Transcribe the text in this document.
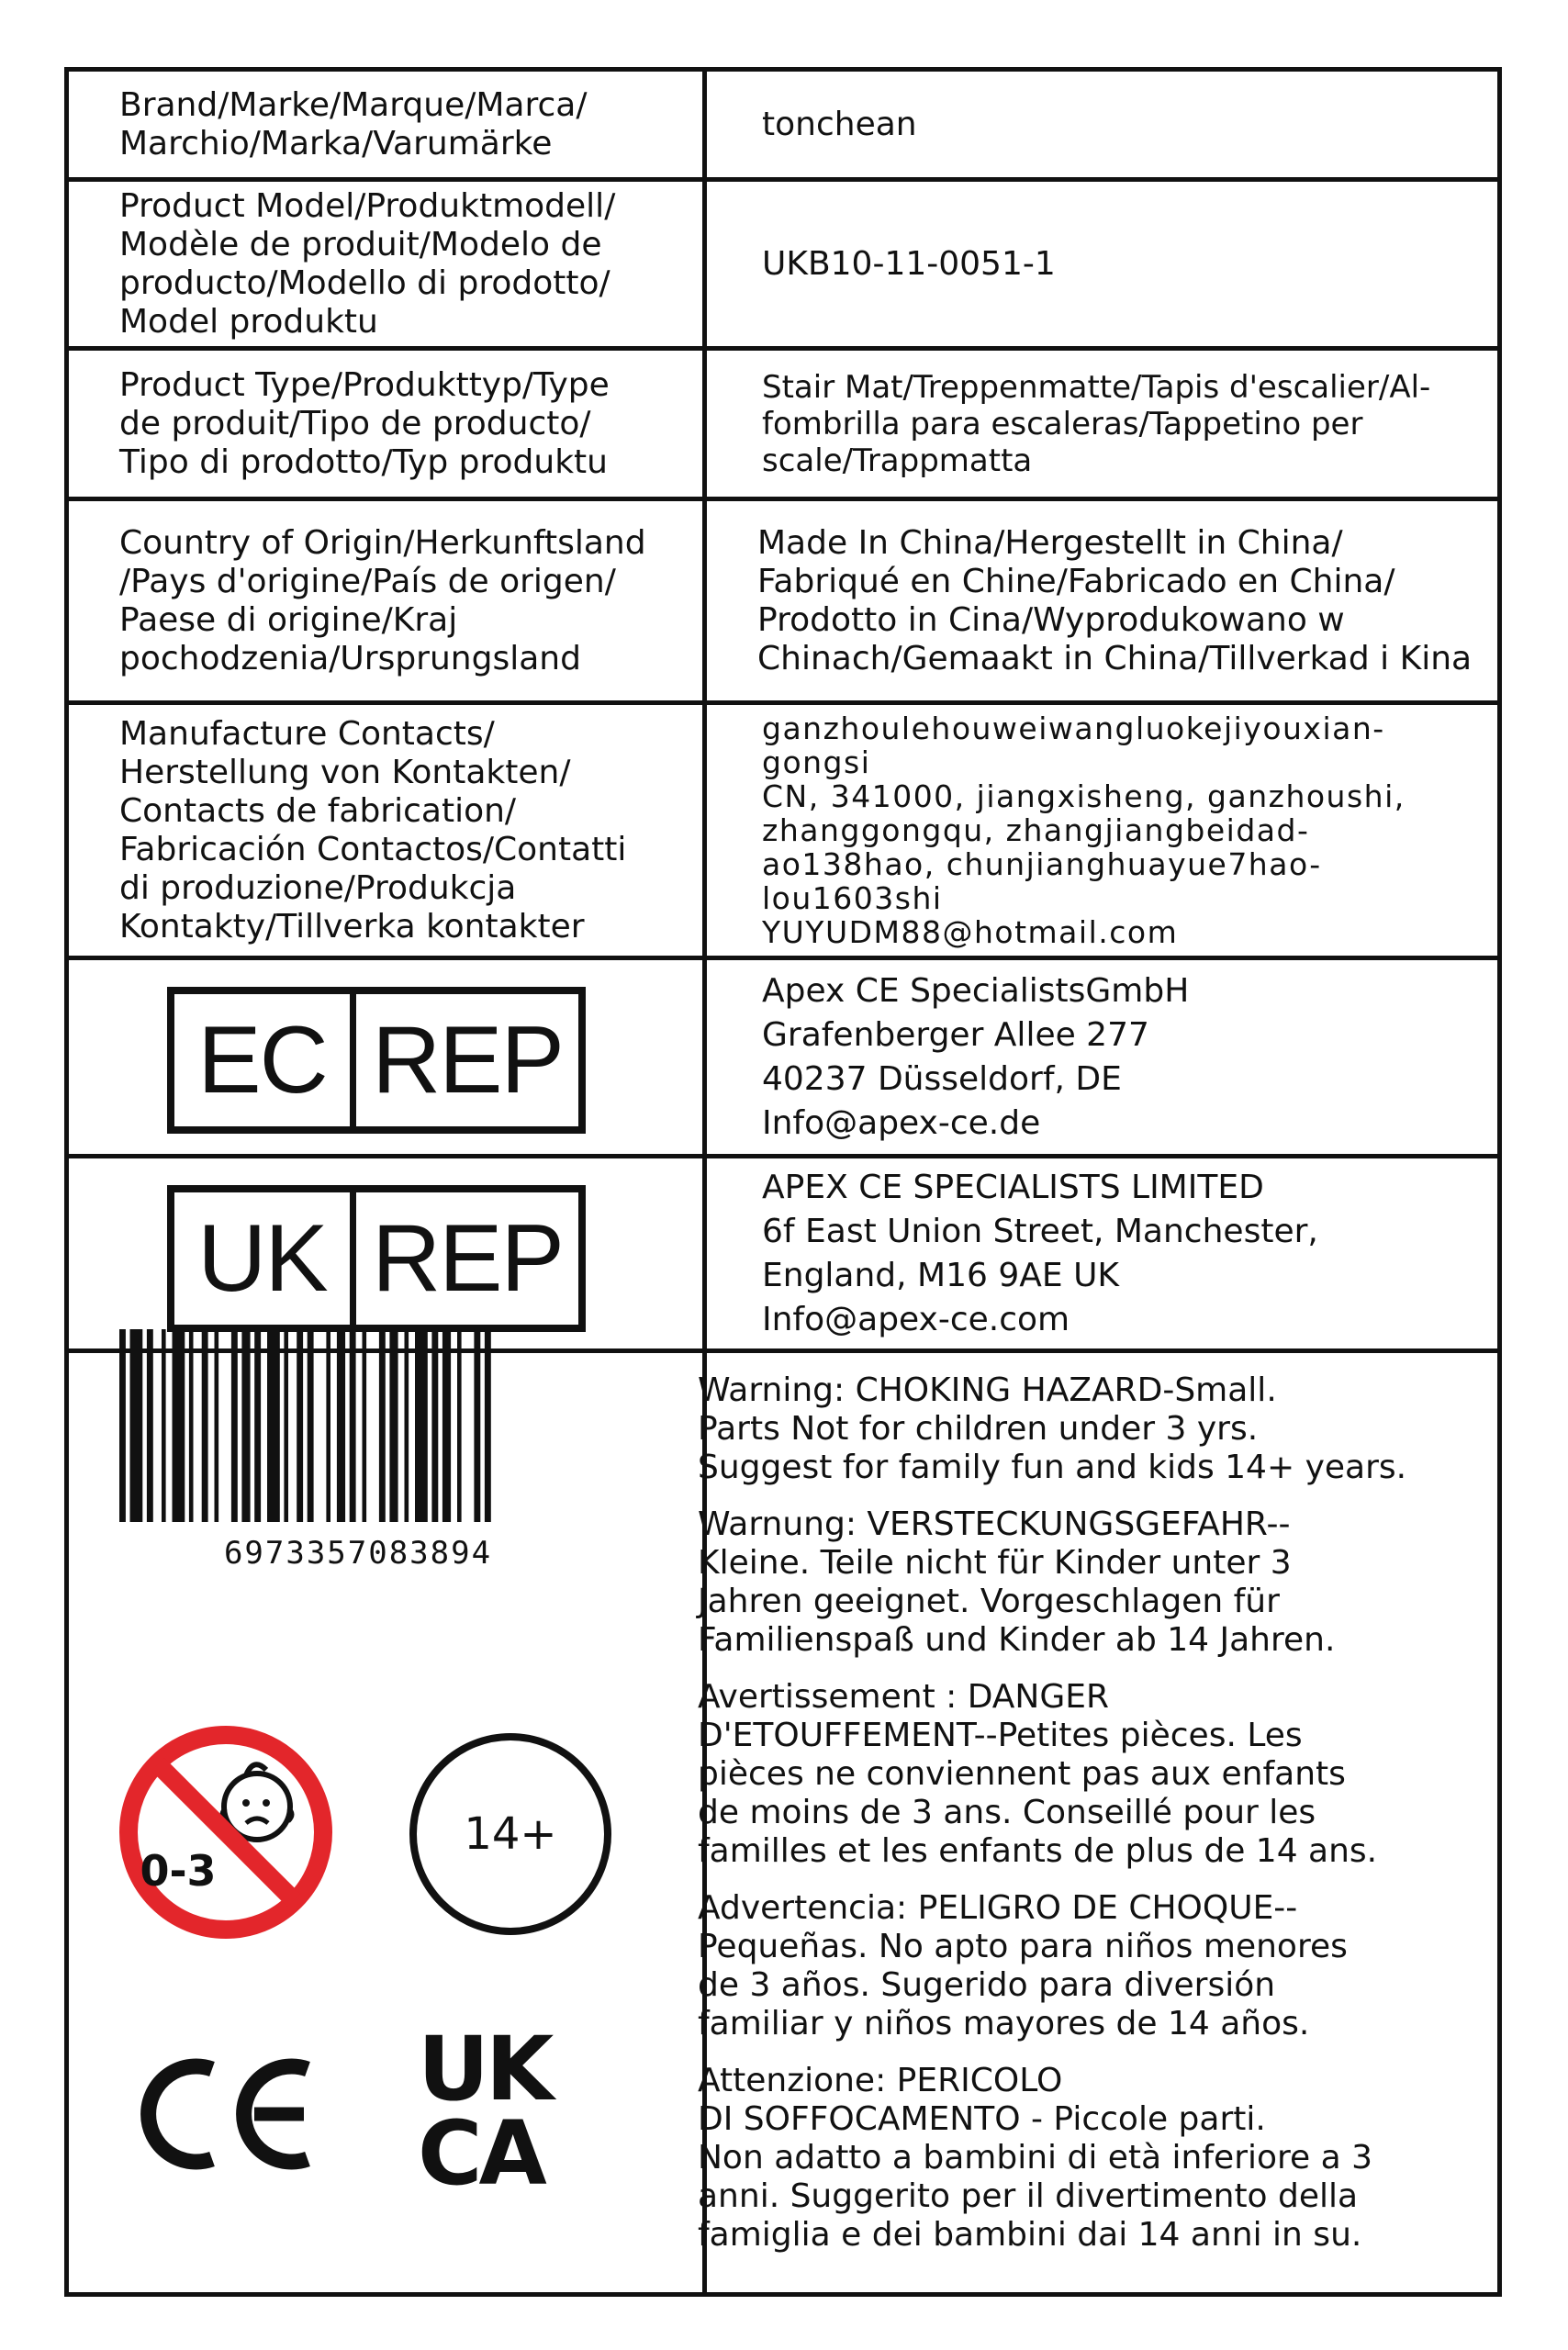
Brand/Marke/Marque/Marca/
Marchio/Marka/Varumärke
tonchean
Product Model/Produktmodell/
Modèle de produit/Modelo de
producto/Modello di prodotto/
Model produktu
UKB10-11-0051-1
Product Type/Produkttyp/Type
de produit/Tipo de producto/
Tipo di prodotto/Typ produktu
Stair Mat/Treppenmatte/Tapis d'escalier/Al-
fombrilla para escaleras/Tappetino per
scale/Trappmatta
Country of Origin/Herkunftsland
/Pays d'origine/País de origen/
Paese di origine/Kraj
pochodzenia/Ursprungsland
Made In China/Hergestellt in China/
Fabriqué en Chine/Fabricado en China/
Prodotto in Cina/Wyprodukowano w
Chinach/Gemaakt in China/Tillverkad i Kina
Manufacture Contacts/
Herstellung von Kontakten/
Contacts de fabrication/
Fabricación Contactos/Contatti
di produzione/Produkcja
Kontakty/Tillverka kontakter
ganzhoulehouweiwangluokejiyouxian-
gongsi
CN, 341000, jiangxisheng, ganzhoushi,
zhanggongqu, zhangjiangbeidad-
ao138hao, chunjianghuayue7hao-
lou1603shi
YUYUDM88@hotmail.com
EC REP
Apex CE SpecialistsGmbH
Grafenberger Allee 277
40237 Düsseldorf, DE
Info@apex-ce.de
UK REP
APEX CE SPECIALISTS LIMITED
6f East Union Street, Manchester,
England, M16 9AE UK
Info@apex-ce.com
6973357083894
0-3
14+
UK
CA
Warning: CHOKING HAZARD-Small.
Parts Not for children under 3 yrs.
Suggest for family fun and kids 14+ years.
Warnung: VERSTECKUNGSGEFAHR--
Kleine. Teile nicht für Kinder unter 3
Jahren geeignet. Vorgeschlagen für
Familienspaß und Kinder ab 14 Jahren.
Avertissement : DANGER
D'ETOUFFEMENT--Petites pièces. Les
pièces ne conviennent pas aux enfants
de moins de 3 ans. Conseillé pour les
familles et les enfants de plus de 14 ans.
Advertencia: PELIGRO DE CHOQUE--
Pequeñas. No apto para niños menores
de 3 años. Sugerido para diversión
familiar y niños mayores de 14 años.
Attenzione: PERICOLO
DI SOFFOCAMENTO - Piccole parti.
Non adatto a bambini di età inferiore a 3
anni. Suggerito per il divertimento della
famiglia e dei bambini dai 14 anni in su.
